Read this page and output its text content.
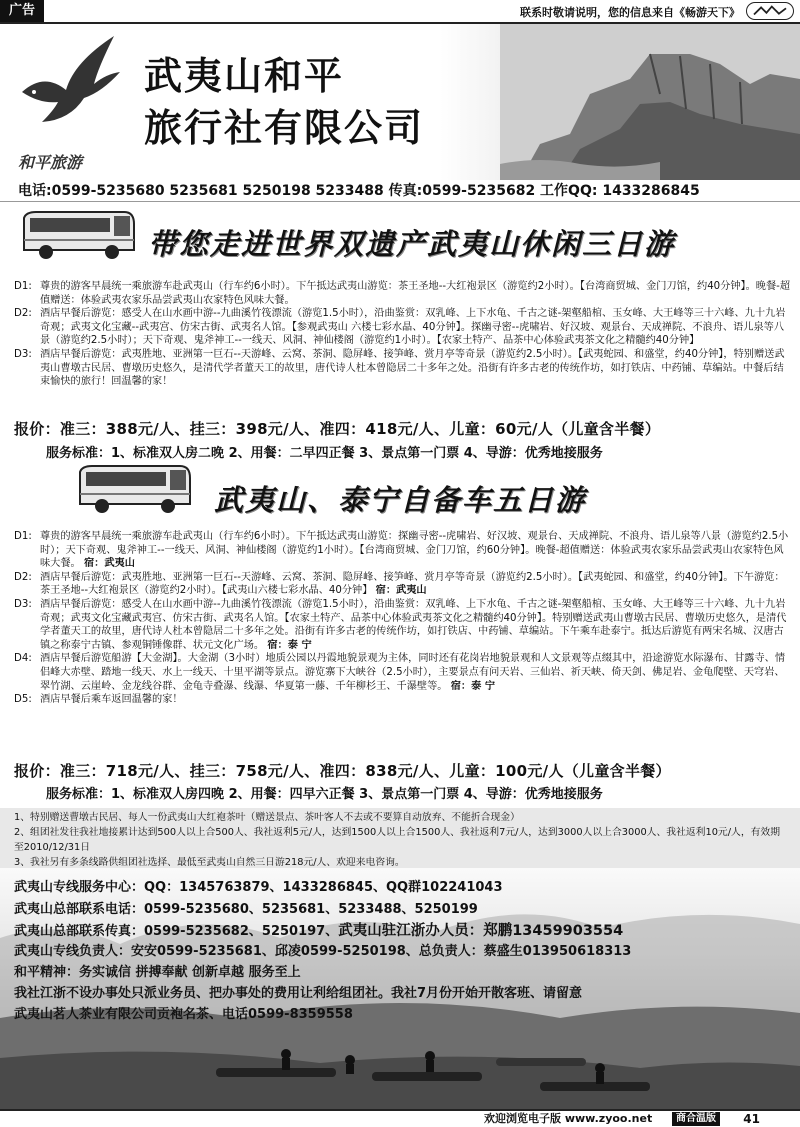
广告	联系时敬请说明，您的信息来自《畅游天下》
和平旅游
武夷山和平
旅行社有限公司
电话:0599-5235680 5235681 5250198 5233488 传真:0599-5235682 工作QQ: 1433286845
带您走进世界双遗产武夷山休闲三日游
D1: 尊贵的游客早晨统一乘旅游车赴武夷山（行车约6小时）。下午抵达武夷山游览：茶王圣地--大红袍景区（游览约2小时）。【台湾商贸城、金门刀馆，约40分钟】。晚餐-超值赠送：体验武夷农家乐品尝武夷山农家特色风味大餐。
D2: 酒店早餐后游览：感受人在山水画中游--九曲溪竹筏漂流（游览1.5小时），沿曲鉴赏：双乳峰、上下水龟、千古之谜-架壑船棺、玉女峰、大王峰等三十六峰、九十九岩奇观；武夷文化宝藏--武夷宫、仿宋古街、武夷名人馆。【参观武夷山 六楼七彩水晶、40分钟】。探幽寻密--虎啸岩、好汉坡、观景台、天成禅院、不浪舟、语儿泉等八景（游览约2.5小时）；天下奇观、鬼斧神工--一线天、风洞、神仙楼阁（游览约1小时）。【农家土特产、品茶中心体验武夷茶文化之精髓约40分钟】
D3: 酒店早餐后游览：武夷胜地、亚洲第一巨石--天游峰、云窝、茶洞、隐屏峰、接笋峰、赏月亭等奇景（游览约2.5小时）。【武夷蛇园、和盛堂，约40分钟】，特别赠送武夷山曹墩古民居、曹墩历史悠久，是清代学者董天工的故里，唐代诗人杜本曾隐居二十多年之处。沿街有许多古老的传统作坊，如打铁店、中药铺、草编站。中餐后结束愉快的旅行！回温馨的家！
报价：准三：388元/人、挂三：398元/人、准四：418元/人、儿童：60元/人（儿童含半餐）
服务标准：1、标准双人房二晚 2、用餐：二早四正餐 3、景点第一门票 4、导游：优秀地接服务
武夷山、泰宁自备车五日游
D1: 尊贵的游客早晨统一乘旅游车赴武夷山（行车约6小时）。下午抵达武夷山游览：探幽寻密--虎啸岩、好汉坡、观景台、天成禅院、不浪舟、语儿泉等八景（游览约2.5小时）；天下奇观、鬼斧神工--一线天、风洞、神仙楼阁（游览约1小时）。【台湾商贸城、金门刀馆，约60分钟】。晚餐-超值赠送：体验武夷农家乐品尝武夷山农家特色风味大餐。 宿：武夷山
D2: 酒店早餐后游览：武夷胜地、亚洲第一巨石--天游峰、云窝、茶洞、隐屏峰、接笋峰、赏月亭等奇景（游览约2.5小时）。【武夷蛇园、和盛堂，约40分钟】。下午游览：茶王圣地--大红袍景区（游览约2小时）。【武夷山六楼七彩水晶、40分钟】 宿：武夷山
D3: 酒店早餐后游览：感受人在山水画中游--九曲溪竹筏漂流（游览1.5小时），沿曲鉴赏：双乳峰、上下水龟、千古之谜-架壑船棺、玉女峰、大王峰等三十六峰、九十九岩奇观；武夷文化宝藏武夷宫、仿宋古街、武夷名人馆。【农家土特产、品茶中心体验武夷茶文化之精髓约40分钟】。特别赠送武夷山曹墩古民居、曹墩历史悠久，是清代学者董天工的故里，唐代诗人杜本曾隐居二十多年之处。沿街有许多古老的传统作坊，如打铁店、中药铺、草编站。下午乘车赴泰宁。抵达后游览有两宋名城、汉唐古镇之称泰宁古镇、参观铜锤像群、状元文化广场。 宿：泰 宁
D4: 酒店早餐后游览船游【大金湖】。大金湖（3小时）地质公园以丹霞地貌景观为主体，同时还有花岗岩地貌景观和人文景观等点缀其中，沿途游览水际瀑布、甘露寺、情侣峰大赤壁、踏地一线天、水上一线天、十里平湖等景点。游览寨下大峡谷（2.5小时），主要景点有问天岩、三仙岩、祈天峡、倚天剑、佛足岩、金龟爬壁、天穹岩、翠竹湖、云崖岭、金龙线谷群、金龟寺叠瀑、线瀑、华夏第一藤、千年柳杉王、千瀑壁等。 宿：泰 宁
D5: 酒店早餐后乘车返回温馨的家！
报价：准三：718元/人、挂三：758元/人、准四：838元/人、儿童：100元/人（儿童含半餐）
服务标准：1、标准双人房四晚 2、用餐：四早六正餐 3、景点第一门票 4、导游：优秀地接服务
1、特别赠送曹墩古民居、每人一份武夷山大红袍茶叶（赠送景点、茶叶客人不去或不要算自动放弃、不能折合现金）
2、组团社发往我社地接累计达到500人以上合500人、我社返利5元/人，达到1500人以上合1500人、我社返利7元/人，达到3000人以上合3000人、我社返利10元/人，有效期至2010/12/31日
3、我社另有多条线路供组团社选择、最低至武夷山自然三日游218元/人、欢迎来电咨询。
武夷山专线服务中心：QQ：1345763879、1433286845、QQ群102241043
武夷山总部联系电话：0599-5235680、5235681、5233488、5250199
武夷山总部联系传真：0599-5235682、5250197、武夷山驻江浙办人员：郑鹏13459903554
武夷山专线负责人：安安0599-5235681、邱凌0599-5250198、总负责人：蔡盛生013950618313
和平精神：务实诚信 拼搏奉献 创新卓越 服务至上
我社江浙不设办事处只派业务员、把办事处的费用让利给组团社。我社7月份开始开散客班、请留意
武夷山茗人茶业有限公司贡袍名茶、电话0599-8359558
欢迎浏览电子版 www.zyoo.net	商合温版	41
